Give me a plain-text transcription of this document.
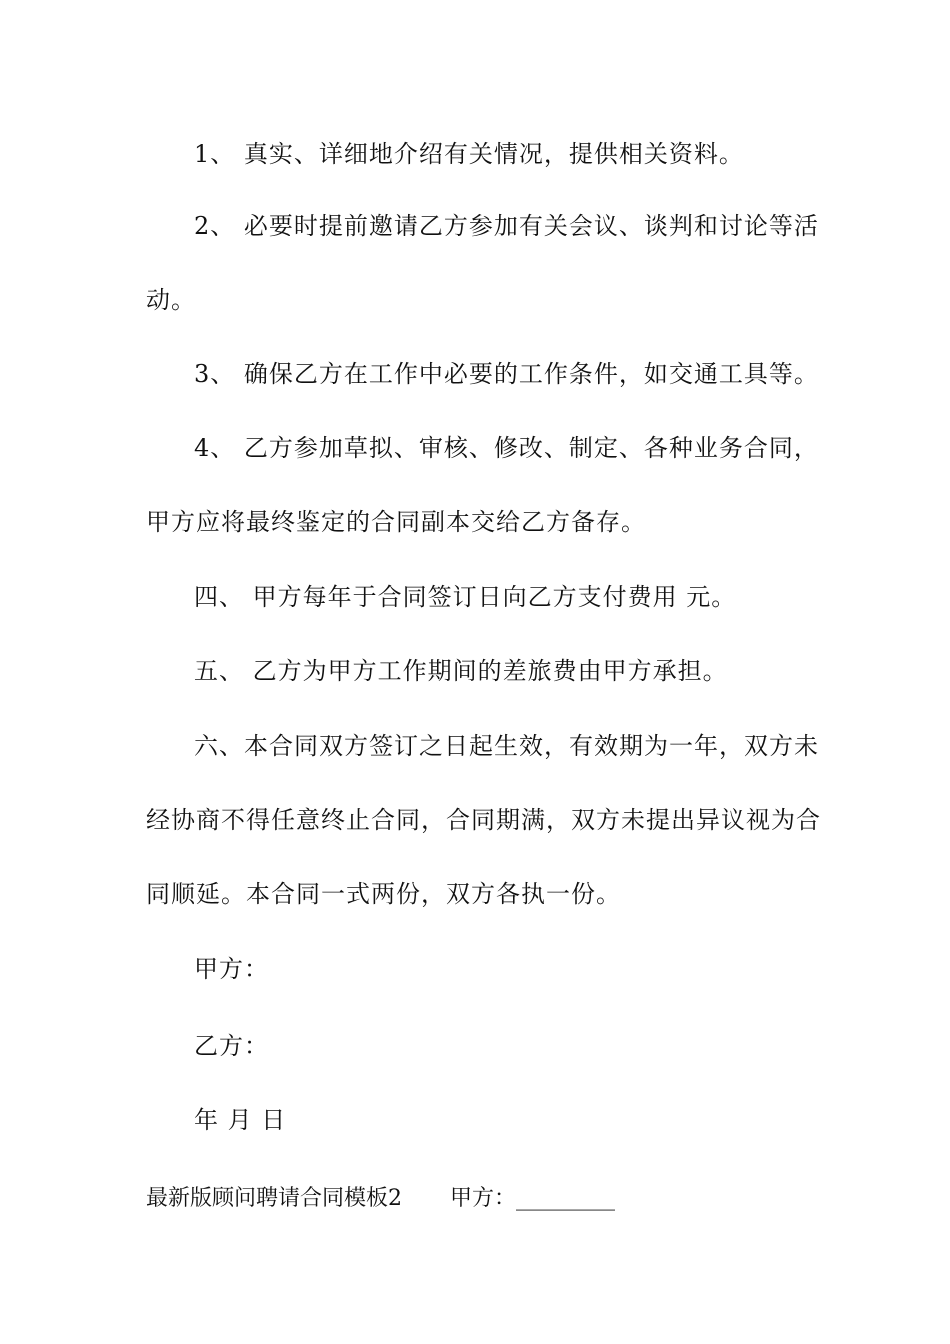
1、 真实、详细地介绍有关情况，提供相关资料。
2、 必要时提前邀请乙方参加有关会议、谈判和讨论等活
动。
3、 确保乙方在工作中必要的工作条件，如交通工具等。
4、 乙方参加草拟、审核、修改、制定、各种业务合同，
甲方应将最终鉴定的合同副本交给乙方备存。
四、 甲方每年于合同签订日向乙方支付费用 元。
五、 乙方为甲方工作期间的差旅费由甲方承担。
六、本合同双方签订之日起生效，有效期为一年，双方未
经协商不得任意终止合同，合同期满，双方未提出异议视为合
同顺延。本合同一式两份，双方各执一份。
甲方：
乙方：
年 月 日
最新版顾问聘请合同模板2 甲方：_________
